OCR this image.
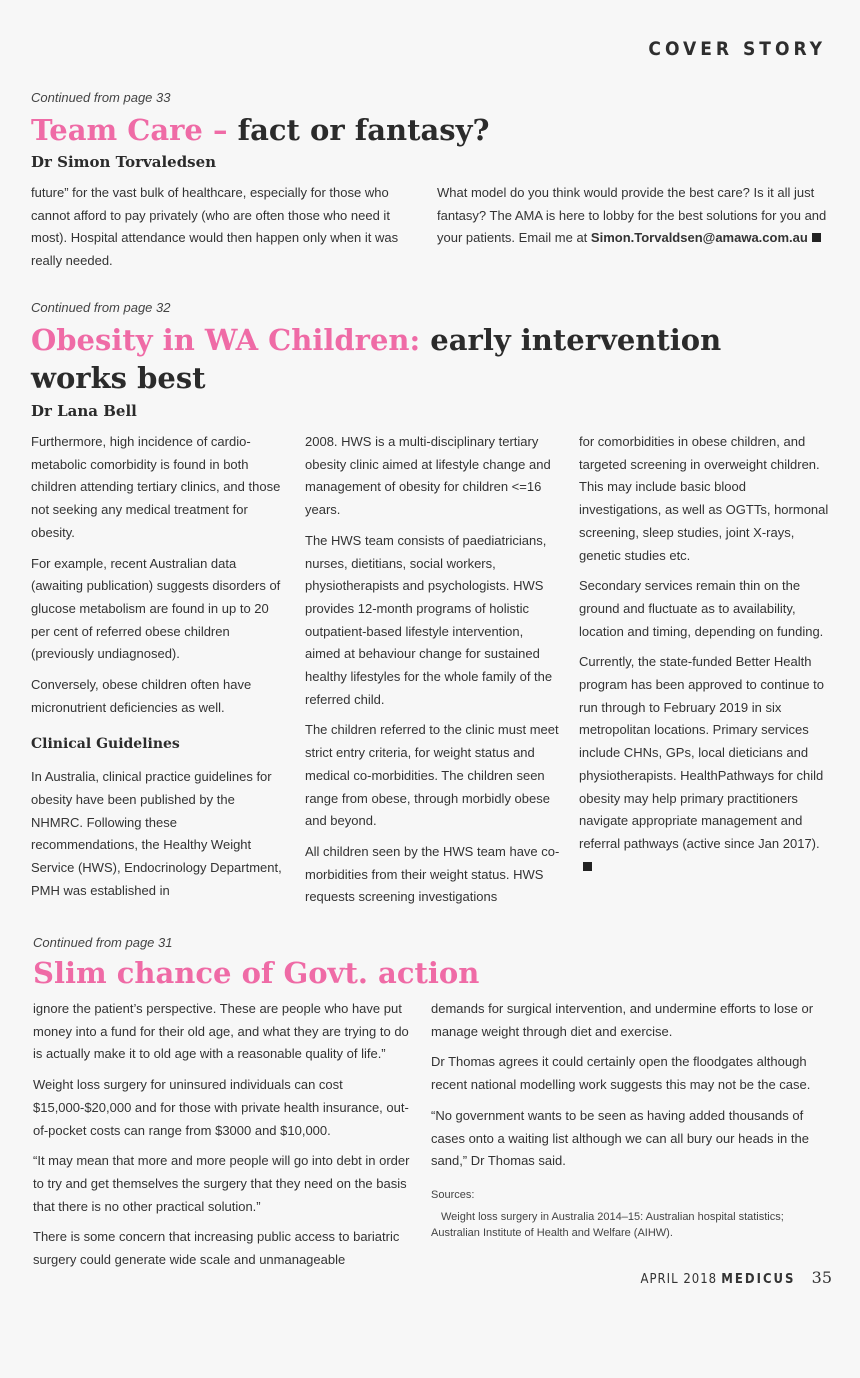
COVER STORY
Continued from page 33
Team Care – fact or fantasy?
Dr Simon Torvaledsen

future” for the vast bulk of healthcare, especially for those who cannot afford to pay privately (who are often those who need it most). Hospital attendance would then happen only when it was really needed.

What model do you think would provide the best care? Is it all just fantasy? The AMA is here to lobby for the best solutions for you and your patients. Email me at Simon.Torvaldsen@amawa.com.au

Continued from page 32
Obesity in WA Children: early intervention works best
Dr Lana Bell

Furthermore, high incidence of cardio-metabolic comorbidity is found in both children attending tertiary clinics, and those not seeking any medical treatment for obesity.

For example, recent Australian data (awaiting publication) suggests disorders of glucose metabolism are found in up to 20 per cent of referred obese children (previously undiagnosed).

Conversely, obese children often have micronutrient deficiencies as well.

Clinical Guidelines

In Australia, clinical practice guidelines for obesity have been published by the NHMRC. Following these recommendations, the Healthy Weight Service (HWS), Endocrinology Department, PMH was established in

2008. HWS is a multi-disciplinary tertiary obesity clinic aimed at lifestyle change and management of obesity for children <=16 years.

The HWS team consists of paediatricians, nurses, dietitians, social workers, physiotherapists and psychologists. HWS provides 12-month programs of holistic outpatient-based lifestyle intervention, aimed at behaviour change for sustained healthy lifestyles for the whole family of the referred child.

The children referred to the clinic must meet strict entry criteria, for weight status and medical co-morbidities. The children seen range from obese, through morbidly obese and beyond.

All children seen by the HWS team have co-morbidities from their weight status. HWS requests screening investigations

for comorbidities in obese children, and targeted screening in overweight children. This may include basic blood investigations, as well as OGTTs, hormonal screening, sleep studies, joint X-rays, genetic studies etc.

Secondary services remain thin on the ground and fluctuate as to availability, location and timing, depending on funding.

Currently, the state-funded Better Health program has been approved to continue to run through to February 2019 in six metropolitan locations. Primary services include CHNs, GPs, local dieticians and physiotherapists. HealthPathways for child obesity may help primary practitioners navigate appropriate management and referral pathways (active since Jan 2017).

Continued from page 31
Slim chance of Govt. action

ignore the patient’s perspective. These are people who have put money into a fund for their old age, and what they are trying to do is actually make it to old age with a reasonable quality of life.”

Weight loss surgery for uninsured individuals can cost $15,000-$20,000 and for those with private health insurance, out-of-pocket costs can range from $3000 and $10,000.

“It may mean that more and more people will go into debt in order to try and get themselves the surgery that they need on the basis that there is no other practical solution.”

There is some concern that increasing public access to bariatric surgery could generate wide scale and unmanageable

demands for surgical intervention, and undermine efforts to lose or manage weight through diet and exercise.

Dr Thomas agrees it could certainly open the floodgates although recent national modelling work suggests this may not be the case.

“No government wants to be seen as having added thousands of cases onto a waiting list although we can all bury our heads in the sand,” Dr Thomas said.

Sources:
Weight loss surgery in Australia 2014–15: Australian hospital statistics; Australian Institute of Health and Welfare (AIHW).
APRIL 2018 MEDICUS 35
